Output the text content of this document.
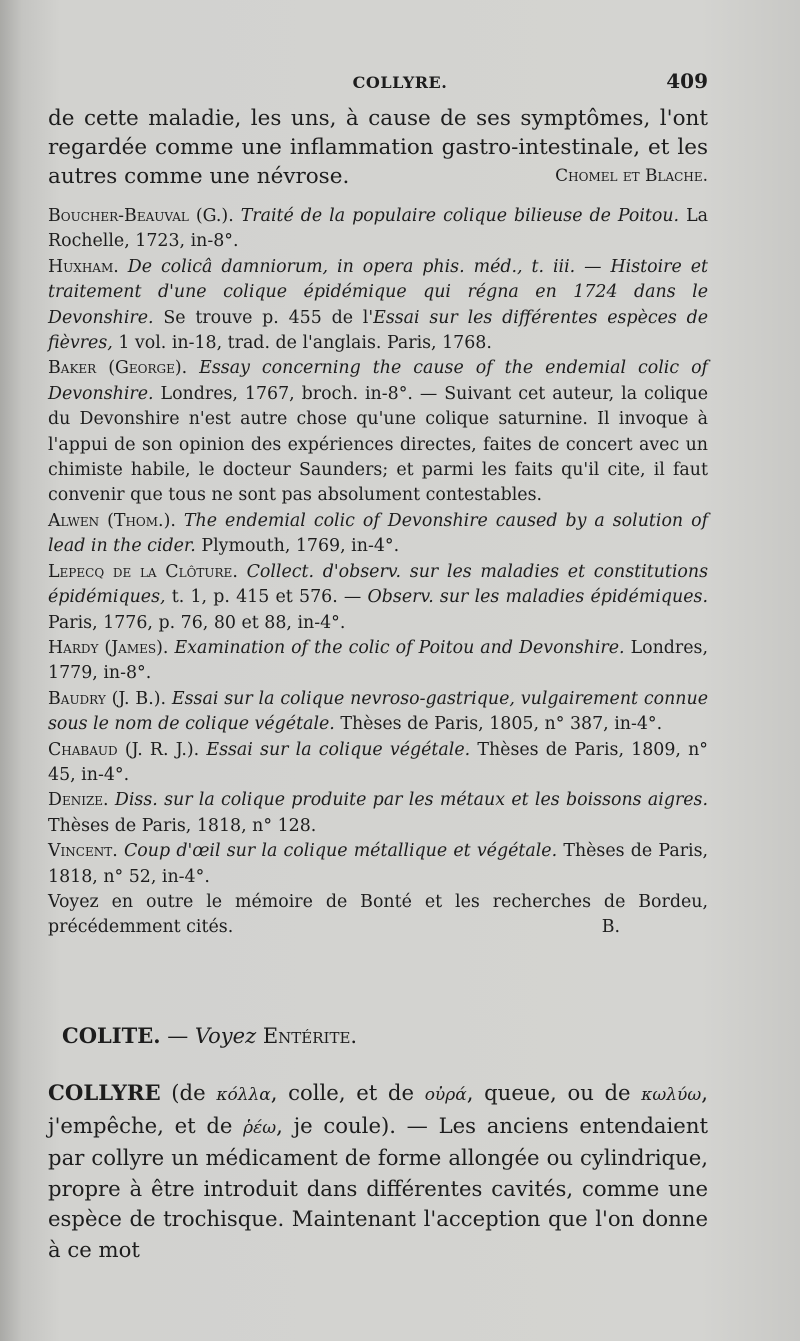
COLLYRE.	409
de cette maladie, les uns, à cause de ses symptômes, l'ont regardée comme une inflammation gastro-intestinale, et les autres comme une névrose.	Chomel et Blache.

Boucher-Beauval (G.). Traité de la populaire colique bilieuse de Poitou. La Rochelle, 1723, in-8°.

Huxham. De colicâ damniorum, in opera phis. méd., t. iii. — Histoire et traitement d'une colique épidémique qui régna en 1724 dans le Devonshire. Se trouve p. 455 de l'Essai sur les différentes espèces de fièvres, 1 vol. in-18, trad. de l'anglais. Paris, 1768.

Baker (George). Essay concerning the cause of the endemial colic of Devonshire. Londres, 1767, broch. in-8°. — Suivant cet auteur, la colique du Devonshire n'est autre chose qu'une colique saturnine. Il invoque à l'appui de son opinion des expériences directes, faites de concert avec un chimiste habile, le docteur Saunders; et parmi les faits qu'il cite, il faut convenir que tous ne sont pas absolument contestables.

Alwen (Thom.). The endemial colic of Devonshire caused by a solution of lead in the cider. Plymouth, 1769, in-4°.

Lepecq de la Clôture. Collect. d'observ. sur les maladies et constitutions épidémiques, t. 1, p. 415 et 576. — Observ. sur les maladies épidémiques. Paris, 1776, p. 76, 80 et 88, in-4°.

Hardy (James). Examination of the colic of Poitou and Devonshire. Londres, 1779, in-8°.

Baudry (J. B.). Essai sur la colique nevroso-gastrique, vulgairement connue sous le nom de colique végétale. Thèses de Paris, 1805, n° 387, in-4°.

Chabaud (J. R. J.). Essai sur la colique végétale. Thèses de Paris, 1809, n° 45, in-4°.

Denize. Diss. sur la colique produite par les métaux et les boissons aigres. Thèses de Paris, 1818, n° 128.

Vincent. Coup d'œil sur la colique métallique et végétale. Thèses de Paris, 1818, n° 52, in-4°.

Voyez en outre le mémoire de Bonté et les recherches de Bordeu, précédemment cités.	B.

COLITE. — Voyez Entérite.
COLLYRE (de κόλλα, colle, et de οὐρά, queue, ou de κωλύω, j'empêche, et de ῥέω, je coule). — Les anciens entendaient par collyre un médicament de forme allongée ou cylindrique, propre à être introduit dans différentes cavités, comme une espèce de trochisque. Maintenant l'acception que l'on donne à ce mot
